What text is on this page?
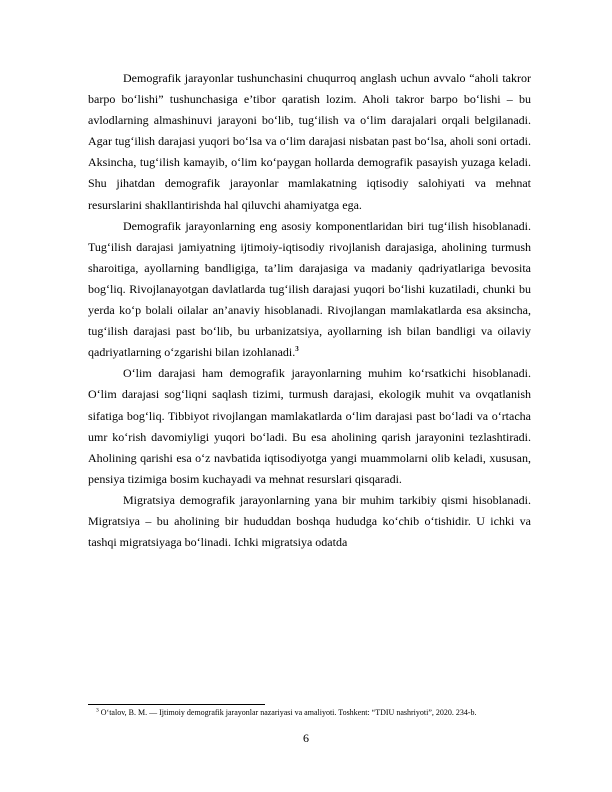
Demografik jarayonlar tushunchasini chuqurroq anglash uchun avvalo “aholi takror barpo bo‘lishi” tushunchasiga e’tibor qaratish lozim. Aholi takror barpo bo‘lishi – bu avlodlarning almashinuvi jarayoni bo‘lib, tug‘ilish va o‘lim darajalari orqali belgilanadi. Agar tug‘ilish darajasi yuqori bo‘lsa va o‘lim darajasi nisbatan past bo‘lsa, aholi soni ortadi. Aksincha, tug‘ilish kamayib, o‘lim ko‘paygan hollarda demografik pasayish yuzaga keladi. Shu jihatdan demografik jarayonlar mamlakatning iqtisodiy salohiyati va mehnat resurslarini shakllantirishda hal qiluvchi ahamiyatga ega.

Demografik jarayonlarning eng asosiy komponentlaridan biri tug‘ilish hisoblanadi. Tug‘ilish darajasi jamiyatning ijtimoiy-iqtisodiy rivojlanish darajasiga, aholining turmush sharoitiga, ayollarning bandligiga, ta’lim darajasiga va madaniy qadriyatlariga bevosita bog‘liq. Rivojlanayotgan davlatlarda tug‘ilish darajasi yuqori bo‘lishi kuzatiladi, chunki bu yerda ko‘p bolali oilalar an’anaviy hisoblanadi. Rivojlangan mamlakatlarda esa aksincha, tug‘ilish darajasi past bo‘lib, bu urbanizatsiya, ayollarning ish bilan bandligi va oilaviy qadriyatlarning o‘zgarishi bilan izohlanadi.$^3$

O‘lim darajasi ham demografik jarayonlarning muhim ko‘rsatkichi hisoblanadi. O‘lim darajasi sog‘liqni saqlash tizimi, turmush darajasi, ekologik muhit va ovqatlanish sifatiga bog‘liq. Tibbiyot rivojlangan mamlakatlarda o‘lim darajasi past bo‘ladi va o‘rtacha umr ko‘rish davomiyligi yuqori bo‘ladi. Bu esa aholining qarish jarayonini tezlashtiradi. Aholining qarishi esa o‘z navbatida iqtisodiyotga yangi muammolarni olib keladi, xususan, pensiya tizimiga bosim kuchayadi va mehnat resurslari qisqaradi.

Migratsiya demografik jarayonlarning yana bir muhim tarkibiy qismi hisoblanadi. Migratsiya – bu aholining bir hududdan boshqa hududga ko‘chib o‘tishidir. U ichki va tashqi migratsiyaga bo‘linadi. Ichki migratsiya odatda

$^3$ O‘talov, B. M. — Ijtimoiy demografik jarayonlar nazariyasi va amaliyoti. Toshkent: “TDIU nashriyoti”, 2020. 234-b.

6
